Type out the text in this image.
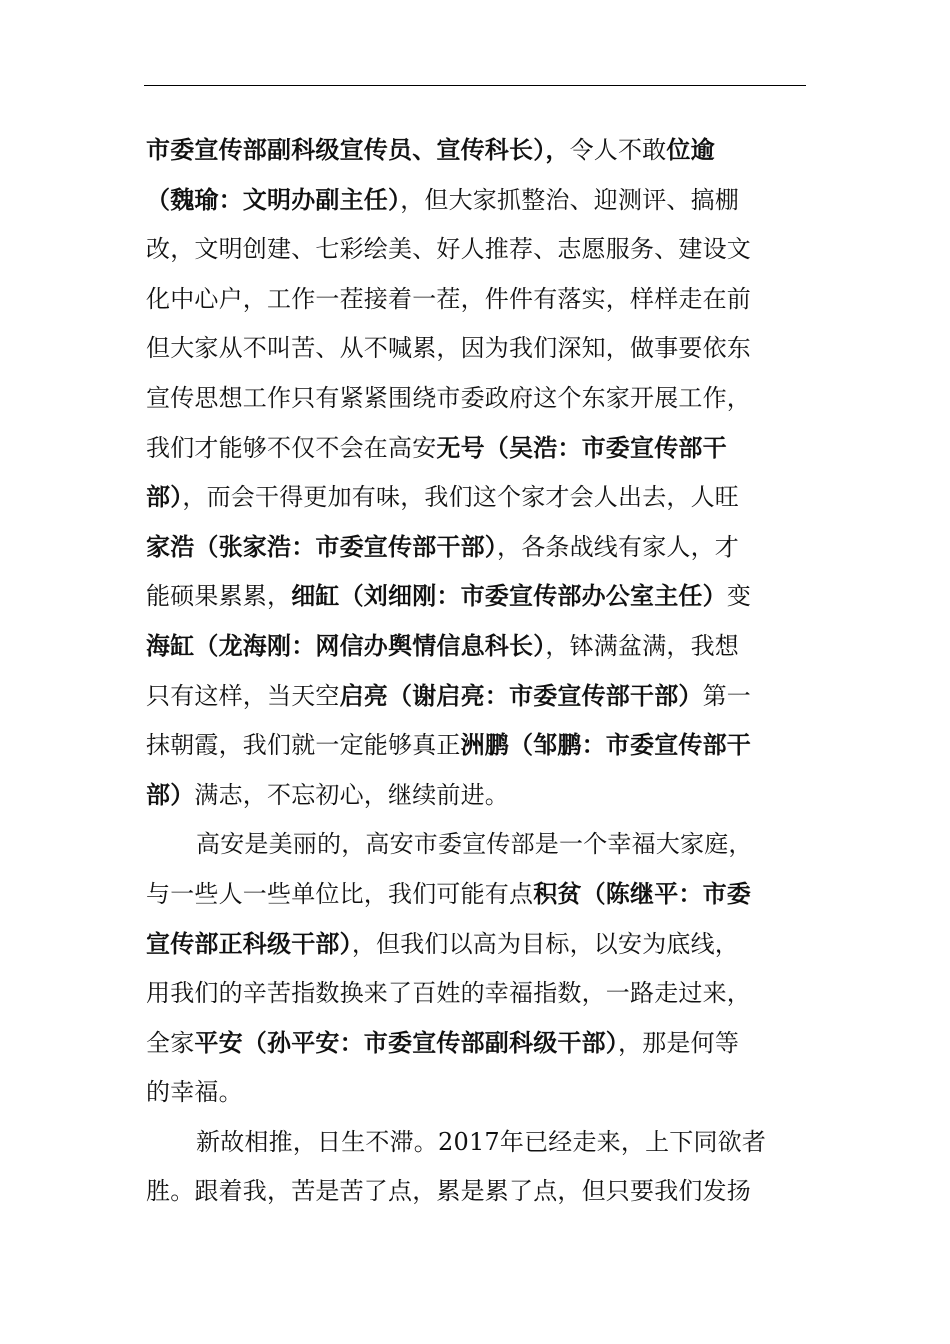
市委宣传部副科级宣传员、宣传科长），令人不敢位逾
（魏瑜：文明办副主任），但大家抓整治、迎测评、搞棚
改，文明创建、七彩绘美、好人推荐、志愿服务、建设文
化中心户，工作一茬接着一茬，件件有落实，样样走在前
但大家从不叫苦、从不喊累，因为我们深知，做事要依东
宣传思想工作只有紧紧围绕市委政府这个东家开展工作，
我们才能够不仅不会在高安无号（吴浩：市委宣传部干
部），而会干得更加有味，我们这个家才会人出去，人旺
家浩（张家浩：市委宣传部干部），各条战线有家人，才
能硕果累累，细缸（刘细刚：市委宣传部办公室主任）变
海缸（龙海刚：网信办舆情信息科长），钵满盆满，我想
只有这样，当天空启亮（谢启亮：市委宣传部干部）第一
抹朝霞，我们就一定能够真正洲鹏（邹鹏：市委宣传部干
部）满志，不忘初心，继续前进。
高安是美丽的，高安市委宣传部是一个幸福大家庭，
与一些人一些单位比，我们可能有点积贫（陈继平：市委
宣传部正科级干部），但我们以高为目标，以安为底线，
用我们的辛苦指数换来了百姓的幸福指数，一路走过来，
全家平安（孙平安：市委宣传部副科级干部），那是何等
的幸福。
新故相推，日生不滞。2017年已经走来，上下同欲者
胜。跟着我，苦是苦了点，累是累了点，但只要我们发扬
